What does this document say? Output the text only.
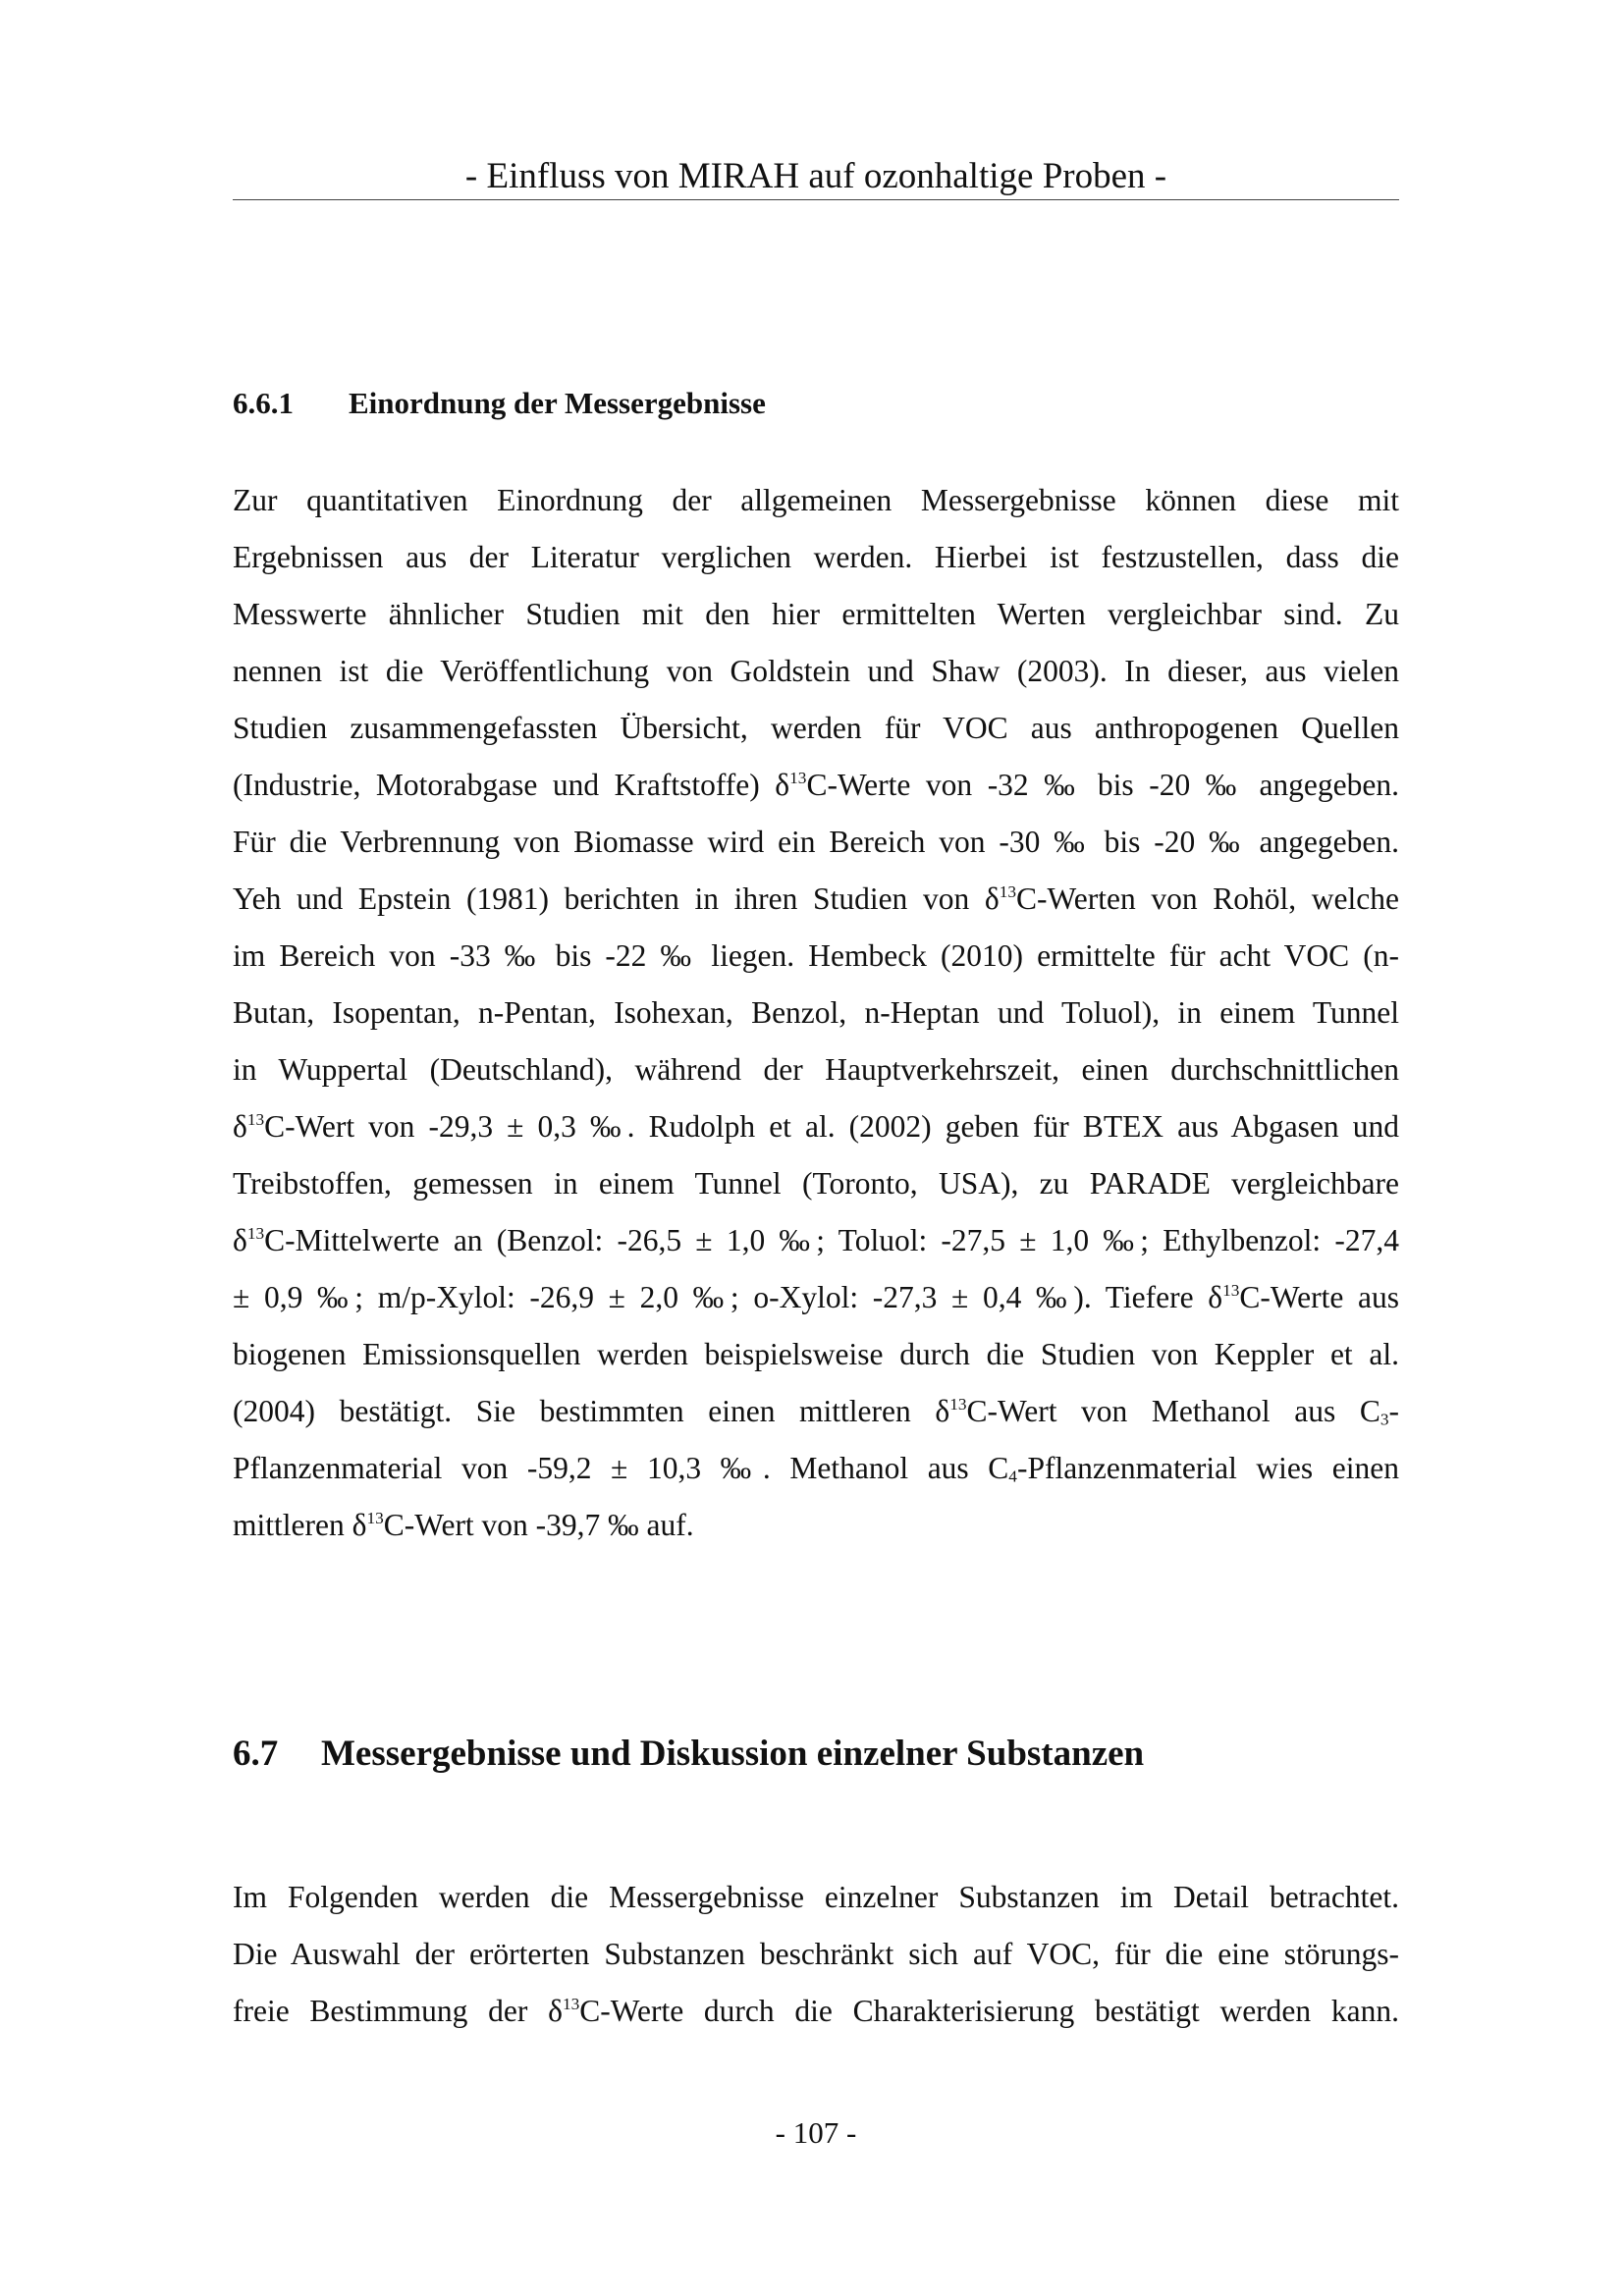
- Einfluss von MIRAH auf ozonhaltige Proben -
6.6.1 Einordnung der Messergebnisse
Zur quantitativen Einordnung der allgemeinen Messergebnisse können diese mit
Ergebnissen aus der Literatur verglichen werden. Hierbei ist festzustellen, dass die
Messwerte ähnlicher Studien mit den hier ermittelten Werten vergleichbar sind. Zu
nennen ist die Veröffentlichung von Goldstein und Shaw (2003). In dieser, aus vielen
Studien zusammengefassten Übersicht, werden für VOC aus anthropogenen Quellen
(Industrie, Motorabgase und Kraftstoffe) $\delta^{13}C$-Werte von -32 ‰ bis -20 ‰ angegeben.
Für die Verbrennung von Biomasse wird ein Bereich von -30 ‰ bis -20 ‰ angegeben.
Yeh und Epstein (1981) berichten in ihren Studien von $\delta^{13}C$-Werten von Rohöl, welche
im Bereich von -33 ‰ bis -22 ‰ liegen. Hembeck (2010) ermittelte für acht VOC (n-
Butan, Isopentan, n-Pentan, Isohexan, Benzol, n-Heptan und Toluol), in einem Tunnel
in Wuppertal (Deutschland), während der Hauptverkehrszeit, einen durchschnittlichen
$\delta^{13}C$-Wert von -29,3 ± 0,3 ‰. Rudolph et al. (2002) geben für BTEX aus Abgasen und
Treibstoffen, gemessen in einem Tunnel (Toronto, USA), zu PARADE vergleichbare
$\delta^{13}C$-Mittelwerte an (Benzol: -26,5 ± 1,0 ‰; Toluol: -27,5 ± 1,0 ‰; Ethylbenzol: -27,4
± 0,9 ‰; m/p-Xylol: -26,9 ± 2,0 ‰; o-Xylol: -27,3 ± 0,4 ‰). Tiefere $\delta^{13}C$-Werte aus
biogenen Emissionsquellen werden beispielsweise durch die Studien von Keppler et al.
(2004) bestätigt. Sie bestimmten einen mittleren $\delta^{13}C$-Wert von Methanol aus $C_3-$
Pflanzenmaterial von -59,2 ± 10,3 ‰. Methanol aus $C_4$-Pflanzenmaterial wies einen
mittleren $\delta^{13}C$-Wert von -39,7 ‰ auf.
6.7 Messergebnisse und Diskussion einzelner Substanzen
Im Folgenden werden die Messergebnisse einzelner Substanzen im Detail betrachtet.
Die Auswahl der erörterten Substanzen beschränkt sich auf VOC, für die eine störungs-
freie Bestimmung der $\delta^{13}C$-Werte durch die Charakterisierung bestätigt werden kann.
- 107 -
